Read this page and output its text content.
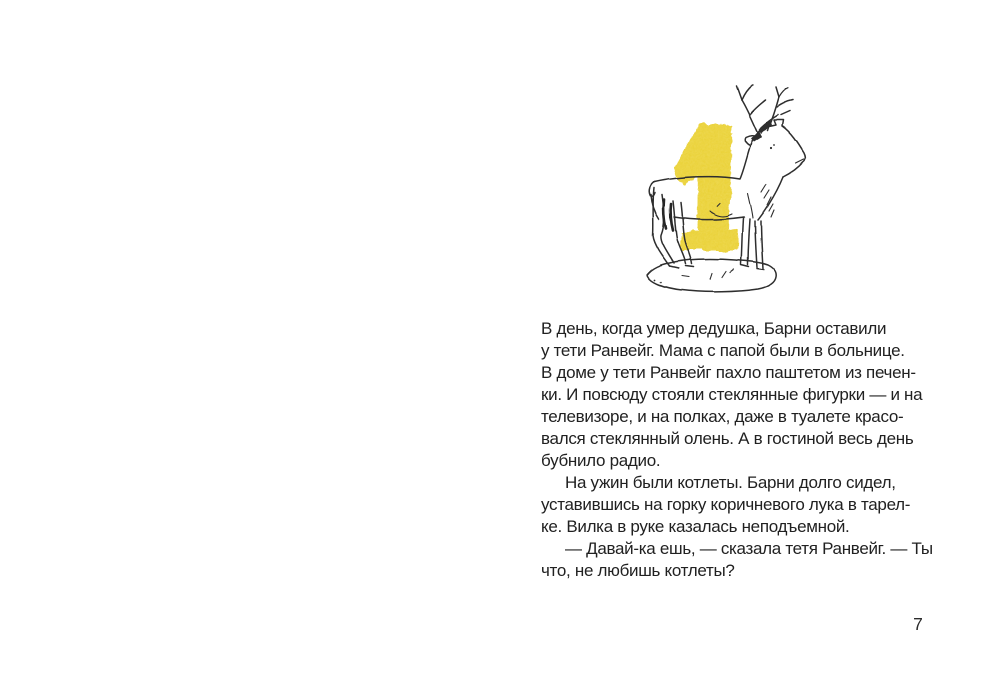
В день, когда умер дедушка, Барни оставили
у тети Ранвейг. Мама с папой были в больнице.
В доме у тети Ранвейг пахло паштетом из печен-
ки. И повсюду стояли стеклянные фигурки — и на
телевизоре, и на полках, даже в туалете красо-
вался стеклянный олень. А в гостиной весь день
бубнило радио.
На ужин были котлеты. Барни долго сидел,
уставившись на горку коричневого лука в тарел-
ке. Вилка в руке казалась неподъемной.
— Давай-ка ешь, — сказала тетя Ранвейг. — Ты
что, не любишь котлеты?
7
